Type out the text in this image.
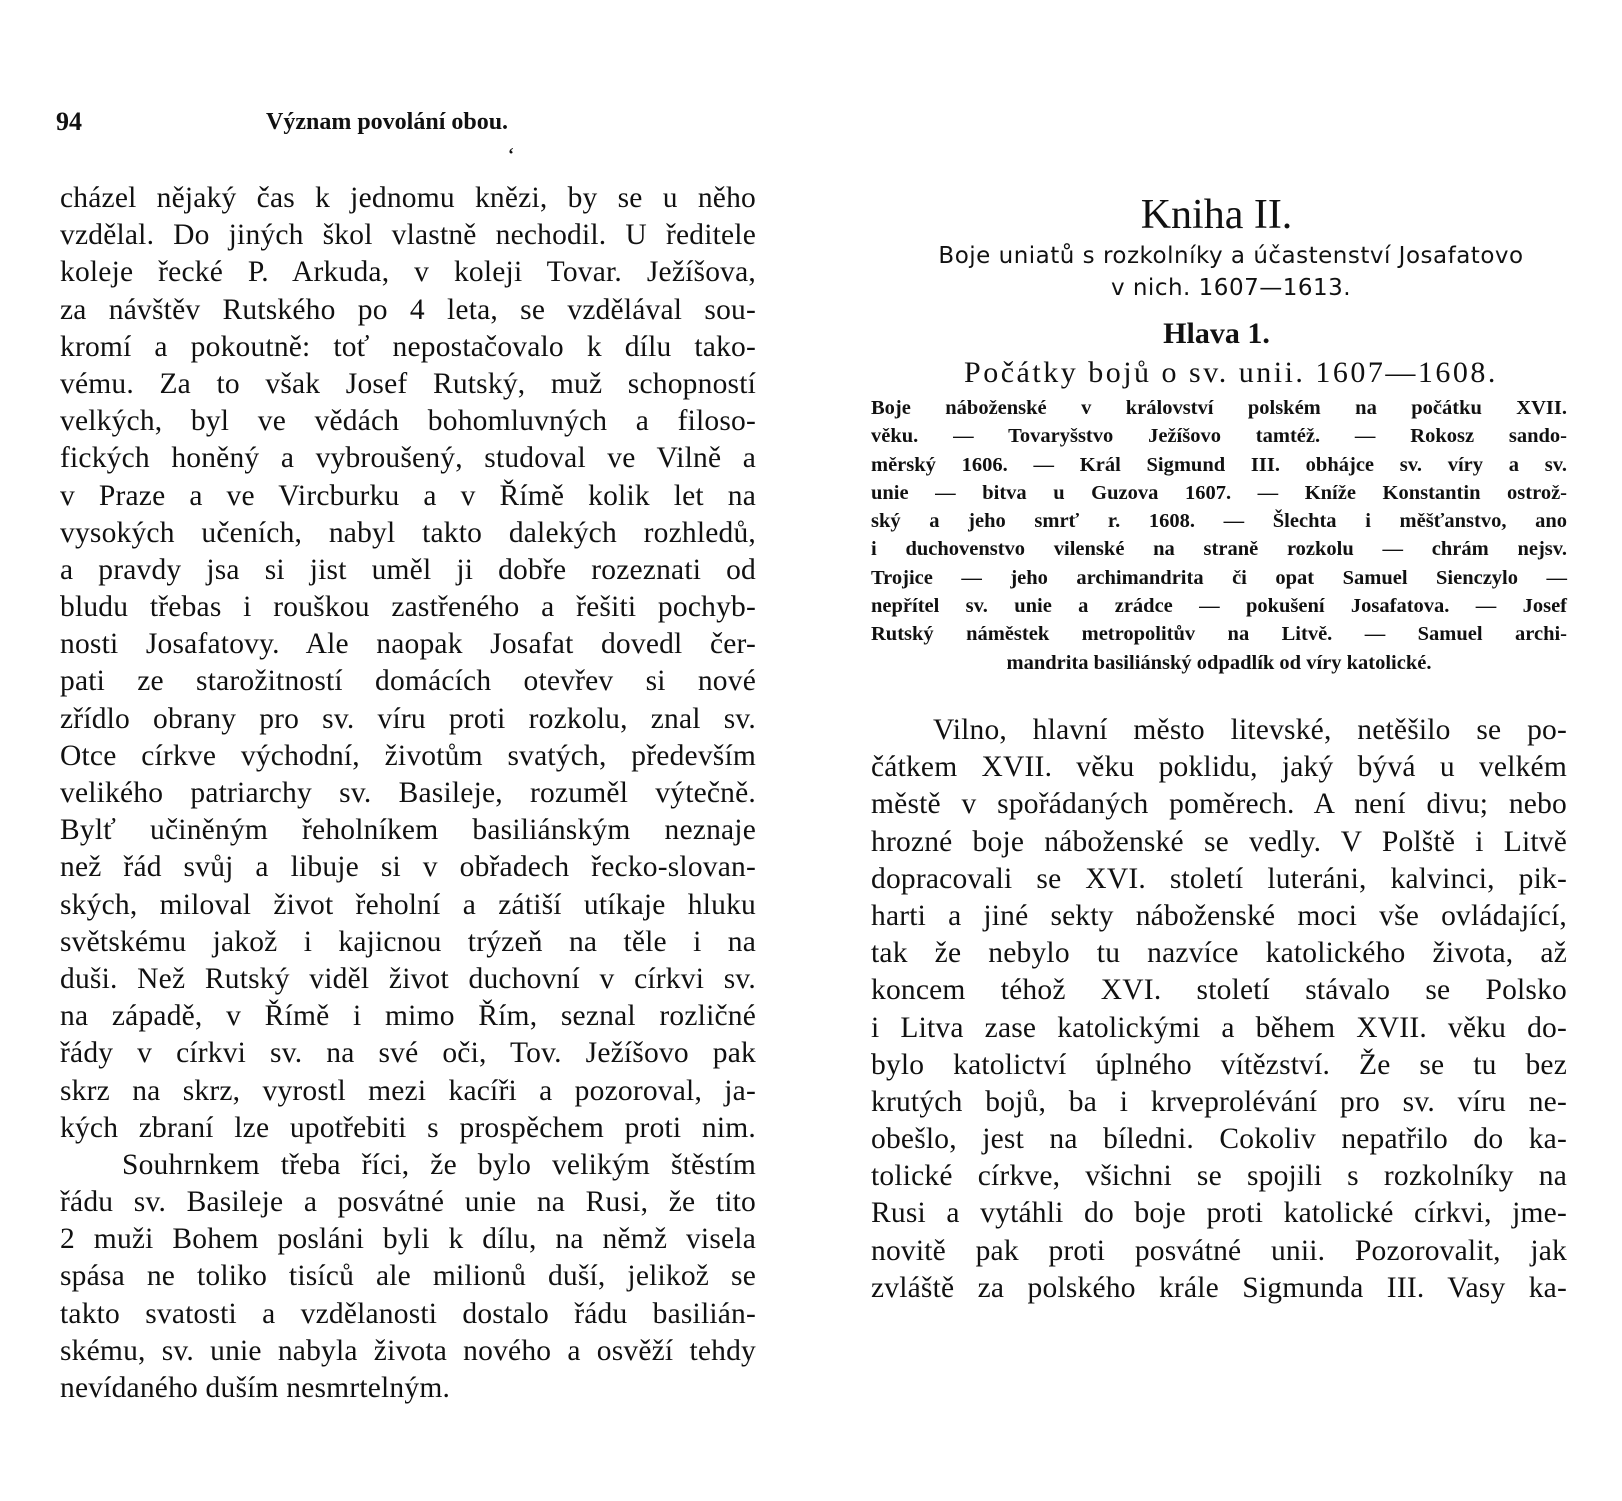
94	Význam povolání obou.
‘
cházel nějaký čas k jednomu knězi, by se u něho
vzdělal. Do jiných škol vlastně nechodil. U ředitele
koleje řecké P. Arkuda, v koleji Tovar. Ježíšova,
za návštěv Rutského po 4 leta, se vzdělával sou-
kromí a pokoutně: toť nepostačovalo k dílu tako-
vému. Za to však Josef Rutský, muž schopností
velkých, byl ve vědách bohomluvných a filoso-
fických honěný a vybroušený, studoval ve Vilně a
v Praze a ve Vircburku a v Římě kolik let na
vysokých učeních, nabyl takto dalekých rozhledů,
a pravdy jsa si jist uměl ji dobře rozeznati od
bludu třebas i rouškou zastřeného a řešiti pochyb-
nosti Josafatovy. Ale naopak Josafat dovedl čer-
pati ze starožitností domácích otevřev si nové
zřídlo obrany pro sv. víru proti rozkolu, znal sv.
Otce církve východní, životům svatých, především
velikého patriarchy sv. Basileje, rozuměl výtečně.
Bylť učiněným řeholníkem basiliánským neznaje
než řád svůj a libuje si v obřadech řecko-slovan-
ských, miloval život řeholní a zátiší utíkaje hluku
světskému jakož i kajicnou trýzeň na těle i na
duši. Než Rutský viděl život duchovní v církvi sv.
na západě, v Římě i mimo Řím, seznal rozličné
řády v církvi sv. na své oči, Tov. Ježíšovo pak
skrz na skrz, vyrostl mezi kacíři a pozoroval, ja-
kých zbraní lze upotřebiti s prospěchem proti nim.
Souhrnkem třeba říci, že bylo velikým štěstím
řádu sv. Basileje a posvátné unie na Rusi, že tito
2 muži Bohem posláni byli k dílu, na němž visela
spása ne toliko tisíců ale milionů duší, jelikož se
takto svatosti a vzdělanosti dostalo řádu basilián-
skému, sv. unie nabyla života nového a osvěží tehdy
nevídaného duším nesmrtelným.
Kniha II.
Boje uniatů s rozkolníky a účastenství Josafatovo
v nich. 1607—1613.
Hlava 1.
Počátky bojů o sv. unii. 1607—1608.
Boje náboženské v království polském na počátku XVII.
věku. — Tovaryšstvo Ježíšovo tamtéž. — Rokosz sando-
měrský 1606. — Král Sigmund III. obhájce sv. víry a sv.
unie — bitva u Guzova 1607. — Kníže Konstantin ostrož-
ský a jeho smrť r. 1608. — Šlechta i měšťanstvo, ano
i duchovenstvo vilenské na straně rozkolu — chrám nejsv.
Trojice — jeho archimandrita či opat Samuel Sienczylo —
nepřítel sv. unie a zrádce — pokušení Josafatova. — Josef
Rutský náměstek metropolitův na Litvě. — Samuel archi-
mandrita basiliánský odpadlík od víry katolické.
Vilno, hlavní město litevské, netěšilo se po-
čátkem XVII. věku poklidu, jaký bývá u velkém
městě v spořádaných poměrech. A není divu; nebo
hrozné boje náboženské se vedly. V Polště i Litvě
dopracovali se XVI. století luteráni, kalvinci, pik-
harti a jiné sekty náboženské moci vše ovládající,
tak že nebylo tu nazvíce katolického života, až
koncem téhož XVI. století stávalo se Polsko
i Litva zase katolickými a během XVII. věku do-
bylo katolictví úplného vítězství. Že se tu bez
krutých bojů, ba i krveprolévání pro sv. víru ne-
obešlo, jest na bíledni. Cokoliv nepatřilo do ka-
tolické církve, všichni se spojili s rozkolníky na
Rusi a vytáhli do boje proti katolické církvi, jme-
novitě pak proti posvátné unii. Pozorovalit, jak
zvláště za polského krále Sigmunda III. Vasy ka-
